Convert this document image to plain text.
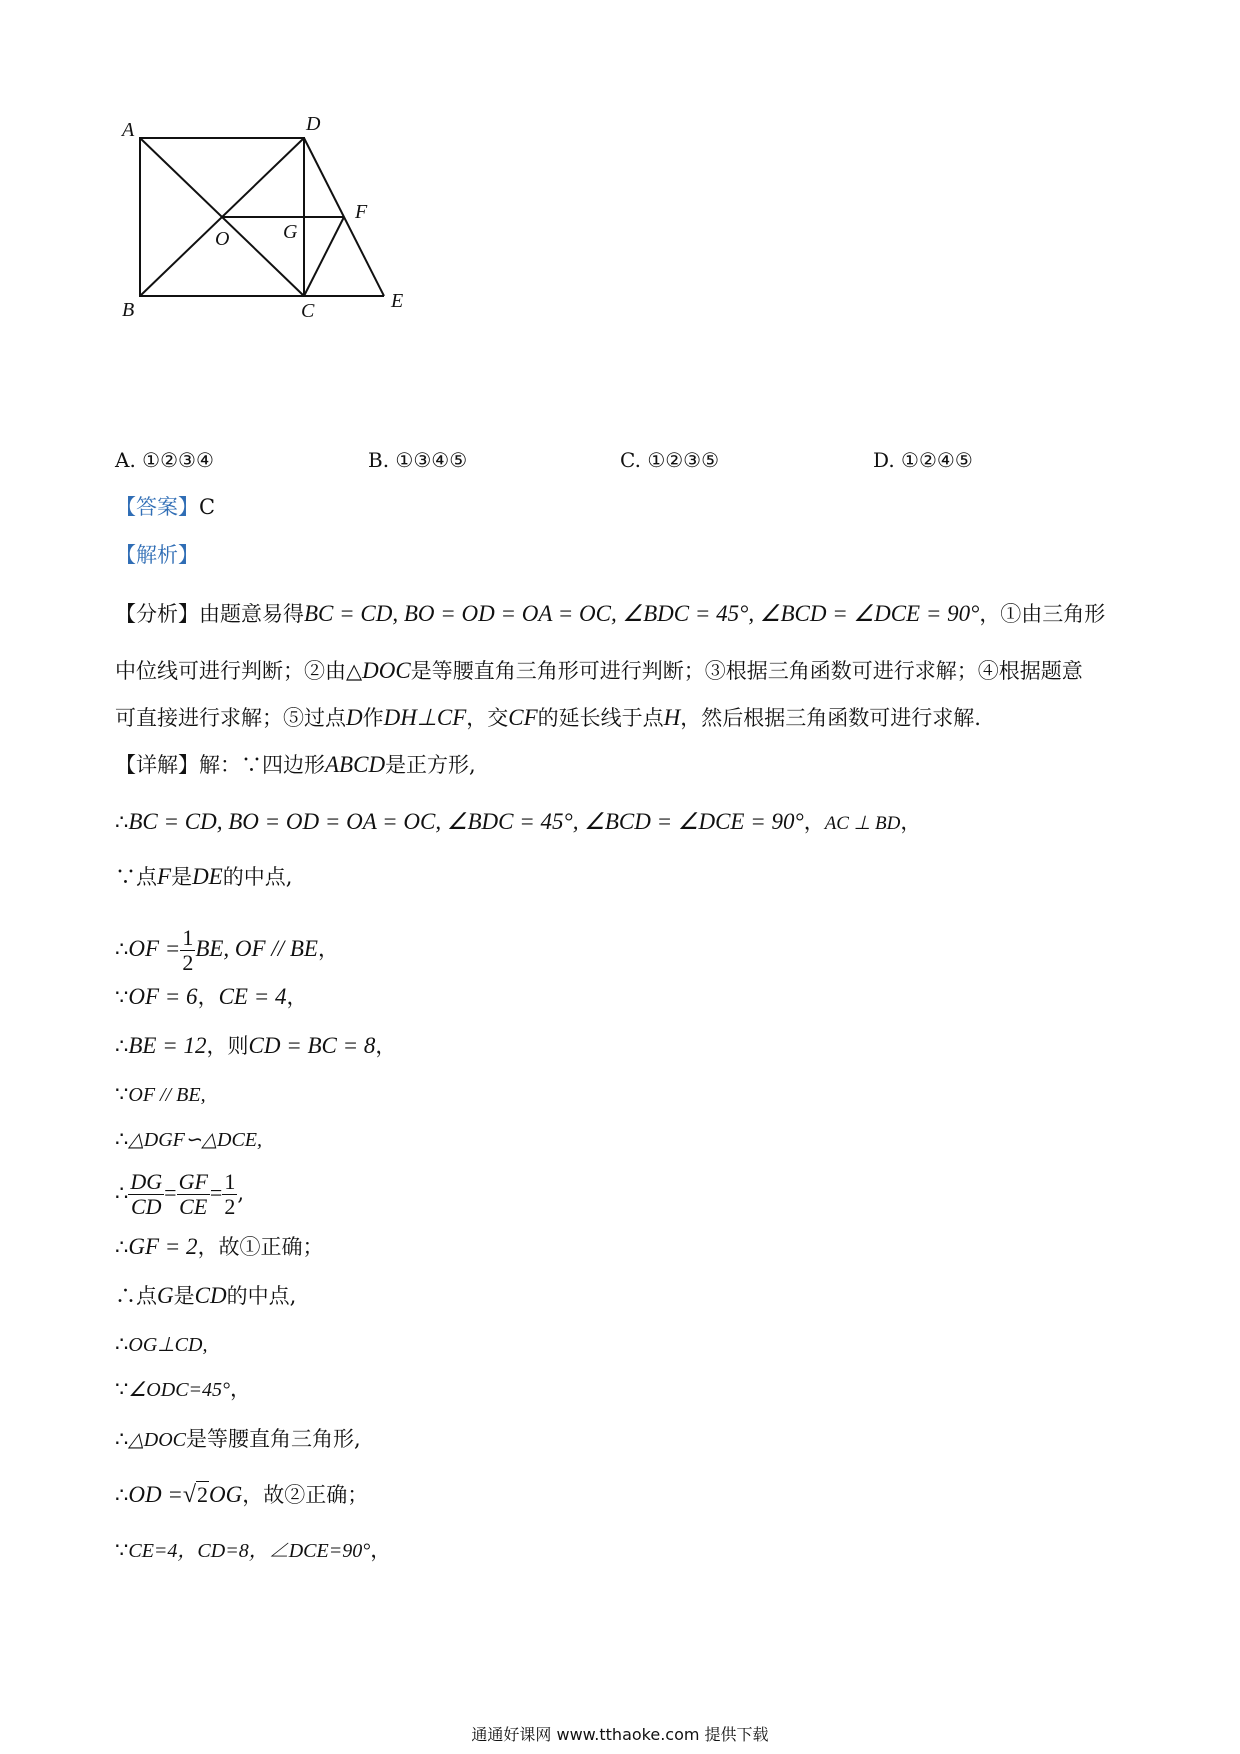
A	D
B	C	E
F
O	G
A. ①②③④	B. ①③④⑤	C. ①②③⑤	D. ①②④⑤
【答案】C
【解析】
【分析】由题意易得BC = CD, BO = OD = OA = OC, ∠BDC = 45°, ∠BCD = ∠DCE = 90°，①由三角形
中位线可进行判断；②由△DOC是等腰直角三角形可进行判断；③根据三角函数可进行求解；④根据题意
可直接进行求解；⑤过点D作DH⊥CF，交CF的延长线于点H，然后根据三角函数可进行求解.
【详解】解：∵四边形ABCD是正方形,
∴BC = CD, BO = OD = OA = OC, ∠BDC = 45°, ∠BCD = ∠DCE = 90°，AC ⊥ BD，
∵点F是DE的中点,
∴OF = $\frac{1}{2}$ BE, OF // BE，
∵OF = 6，CE = 4，
∴BE = 12，则CD = BC = 8，
∵OF // BE,
∴△DGF∽△DCE,
∴ $\frac{DG}{CD} = \frac{GF}{CE} = \frac{1}{2}$ ,
∴GF = 2，故①正确；
∴点G是CD的中点,
∴OG⊥CD,
∵∠ODC=45°，
∴△DOC是等腰直角三角形,
∴OD =√2OG，故②正确；
∵CE=4，CD=8，∠DCE=90°，
通通好课网 www.tthaoke.com 提供下载
